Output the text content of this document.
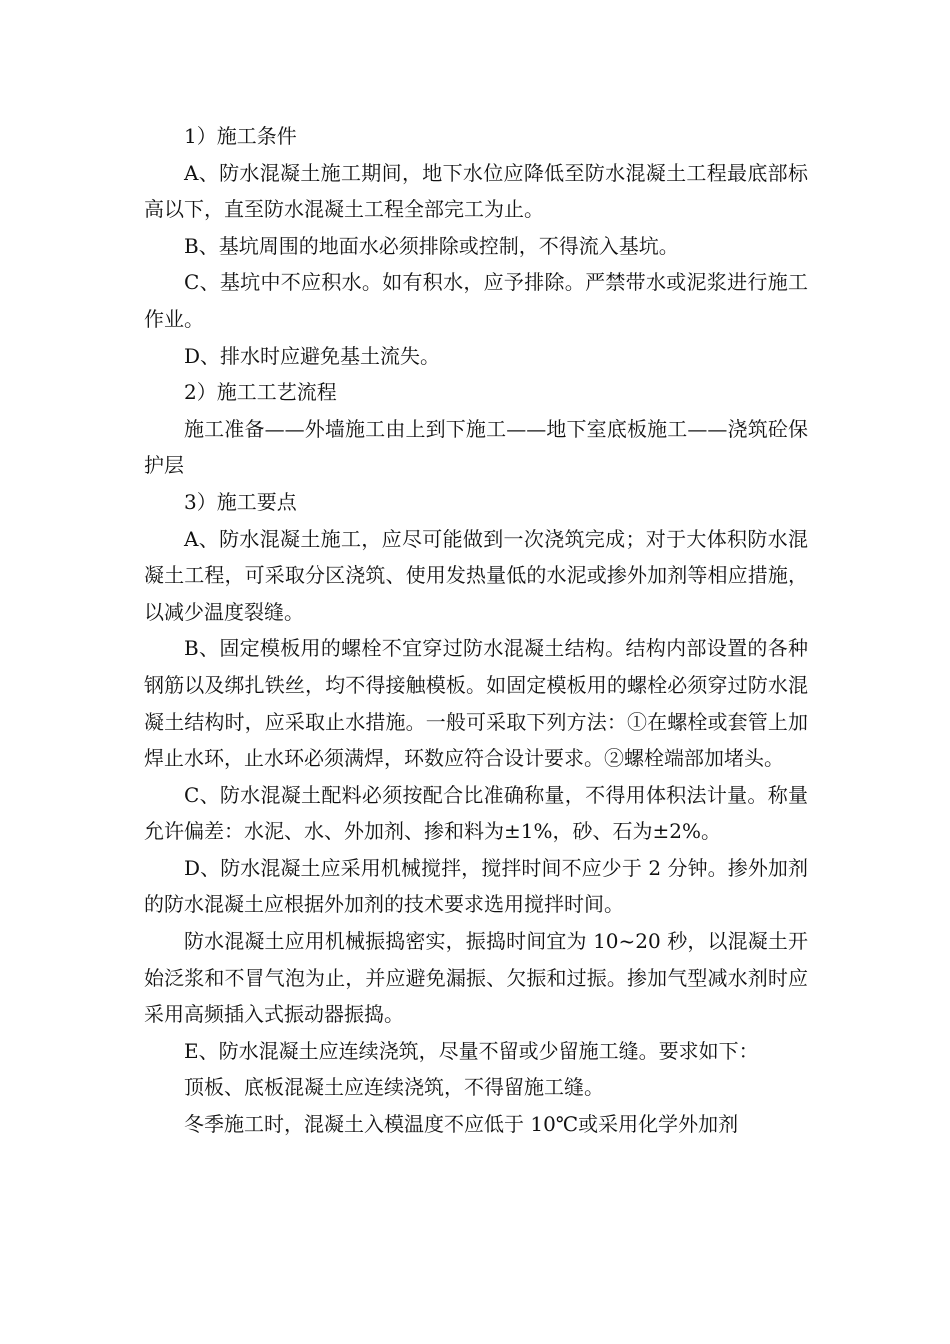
1）施工条件

A、防水混凝土施工期间，地下水位应降低至防水混凝土工程最底部标高以下，直至防水混凝土工程全部完工为止。

B、基坑周围的地面水必须排除或控制，不得流入基坑。

C、基坑中不应积水。如有积水，应予排除。严禁带水或泥浆进行施工作业。

D、排水时应避免基土流失。

2）施工工艺流程

施工准备——外墙施工由上到下施工——地下室底板施工——浇筑砼保护层

3）施工要点

A、防水混凝土施工，应尽可能做到一次浇筑完成；对于大体积防水混凝土工程，可采取分区浇筑、使用发热量低的水泥或掺外加剂等相应措施，以减少温度裂缝。

B、固定模板用的螺栓不宜穿过防水混凝土结构。结构内部设置的各种钢筋以及绑扎铁丝，均不得接触模板。如固定模板用的螺栓必须穿过防水混凝土结构时，应采取止水措施。一般可采取下列方法：①在螺栓或套管上加焊止水环，止水环必须满焊，环数应符合设计要求。②螺栓端部加堵头。

C、防水混凝土配料必须按配合比准确称量，不得用体积法计量。称量允许偏差：水泥、水、外加剂、掺和料为±1%，砂、石为±2%。

D、防水混凝土应采用机械搅拌，搅拌时间不应少于 2 分钟。掺外加剂的防水混凝土应根据外加剂的技术要求选用搅拌时间。

防水混凝土应用机械振捣密实，振捣时间宜为 10~20 秒，以混凝土开始泛浆和不冒气泡为止，并应避免漏振、欠振和过振。掺加气型减水剂时应采用高频插入式振动器振捣。

E、防水混凝土应连续浇筑，尽量不留或少留施工缝。要求如下：

顶板、底板混凝土应连续浇筑，不得留施工缝。

冬季施工时，混凝土入模温度不应低于 10℃或采用化学外加剂
